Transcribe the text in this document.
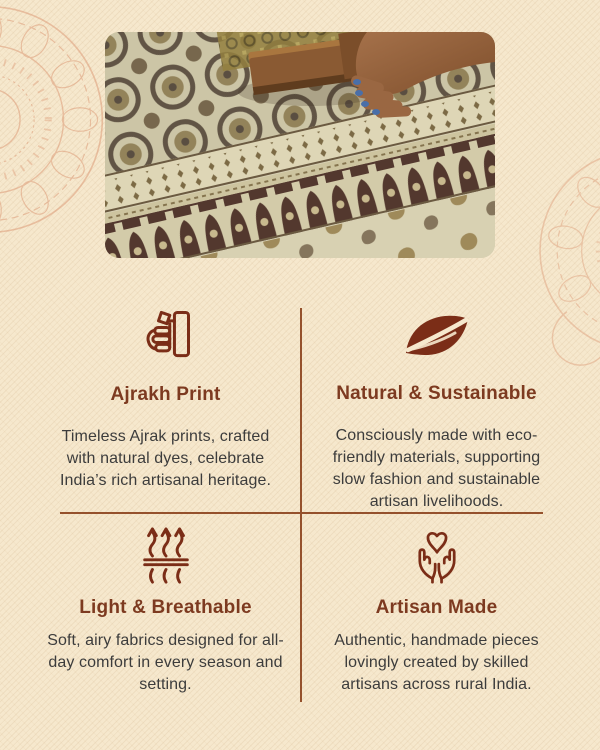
Ajrakh Print

Timeless Ajrak prints, crafted with natural dyes, celebrate India’s rich artisanal heritage.

Natural & Sustainable

Consciously made with eco-friendly materials, supporting slow fashion and sustainable artisan livelihoods.

Light & Breathable

Soft, airy fabrics designed for all-day comfort in every season and setting.

Artisan Made

Authentic, handmade pieces lovingly created by skilled artisans across rural India.
